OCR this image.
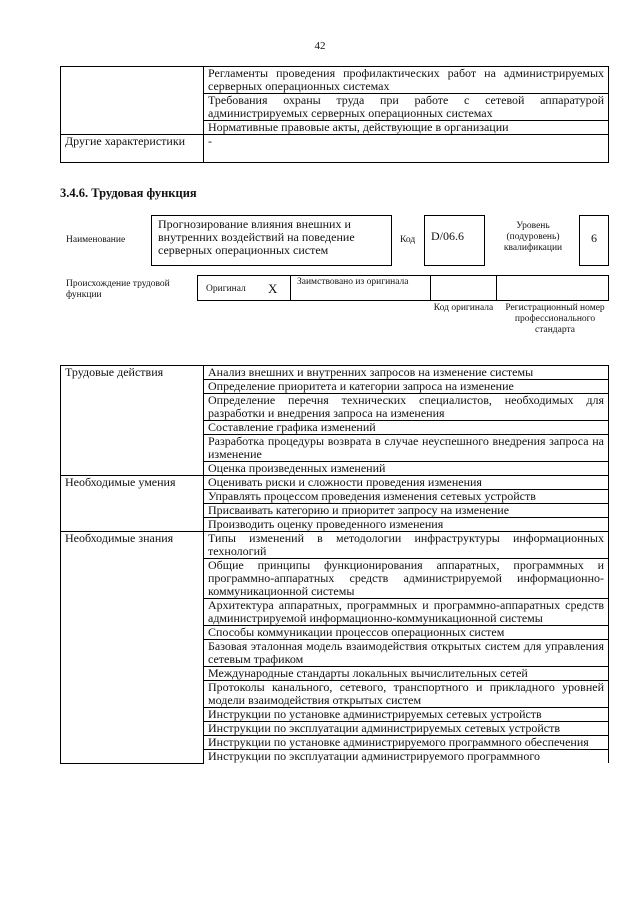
42
	Регламенты проведения профилактических работ на администрируемых серверных операционных системах
	Требования охраны труда при работе с сетевой аппаратурой администрируемых серверных операционных системах
	Нормативные правовые акты, действующие в организации
Другие характеристики	-
3.4.6. Трудовая функция
Наименование
Прогнозирование влияния внешних и внутренних воздействий на поведение серверных операционных систем
Код	D/06.6
Уровень (подуровень) квалификации
6
Происхождение трудовой функции
Оригинал X Заимствовано из оригинала
Код оригинала	Регистрационный номер профессионального стандарта
Трудовые действия	Анализ внешних и внутренних запросов на изменение системы
	Определение приоритета и категории запроса на изменение
	Определение перечня технических специалистов, необходимых для разработки и внедрения запроса на изменения
	Составление графика изменений
	Разработка процедуры возврата в случае неуспешного внедрения запроса на изменение
	Оценка произведенных изменений
Необходимые умения	Оценивать риски и сложности проведения изменения
	Управлять процессом проведения изменения сетевых устройств
	Присваивать категорию и приоритет запросу на изменение
	Производить оценку проведенного изменения
Необходимые знания	Типы изменений в методологии инфраструктуры информационных технологий
	Общие принципы функционирования аппаратных, программных и программно-аппаратных средств администрируемой информационно-коммуникационной системы
	Архитектура аппаратных, программных и программно-аппаратных средств администрируемой информационно-коммуникационной системы
	Способы коммуникации процессов операционных систем
	Базовая эталонная модель взаимодействия открытых систем для управления сетевым трафиком
	Международные стандарты локальных вычислительных сетей
	Протоколы канального, сетевого, транспортного и прикладного уровней модели взаимодействия открытых систем
	Инструкции по установке администрируемых сетевых устройств
	Инструкции по эксплуатации администрируемых сетевых устройств
	Инструкции по установке администрируемого программного обеспечения
	Инструкции по эксплуатации администрируемого программного
